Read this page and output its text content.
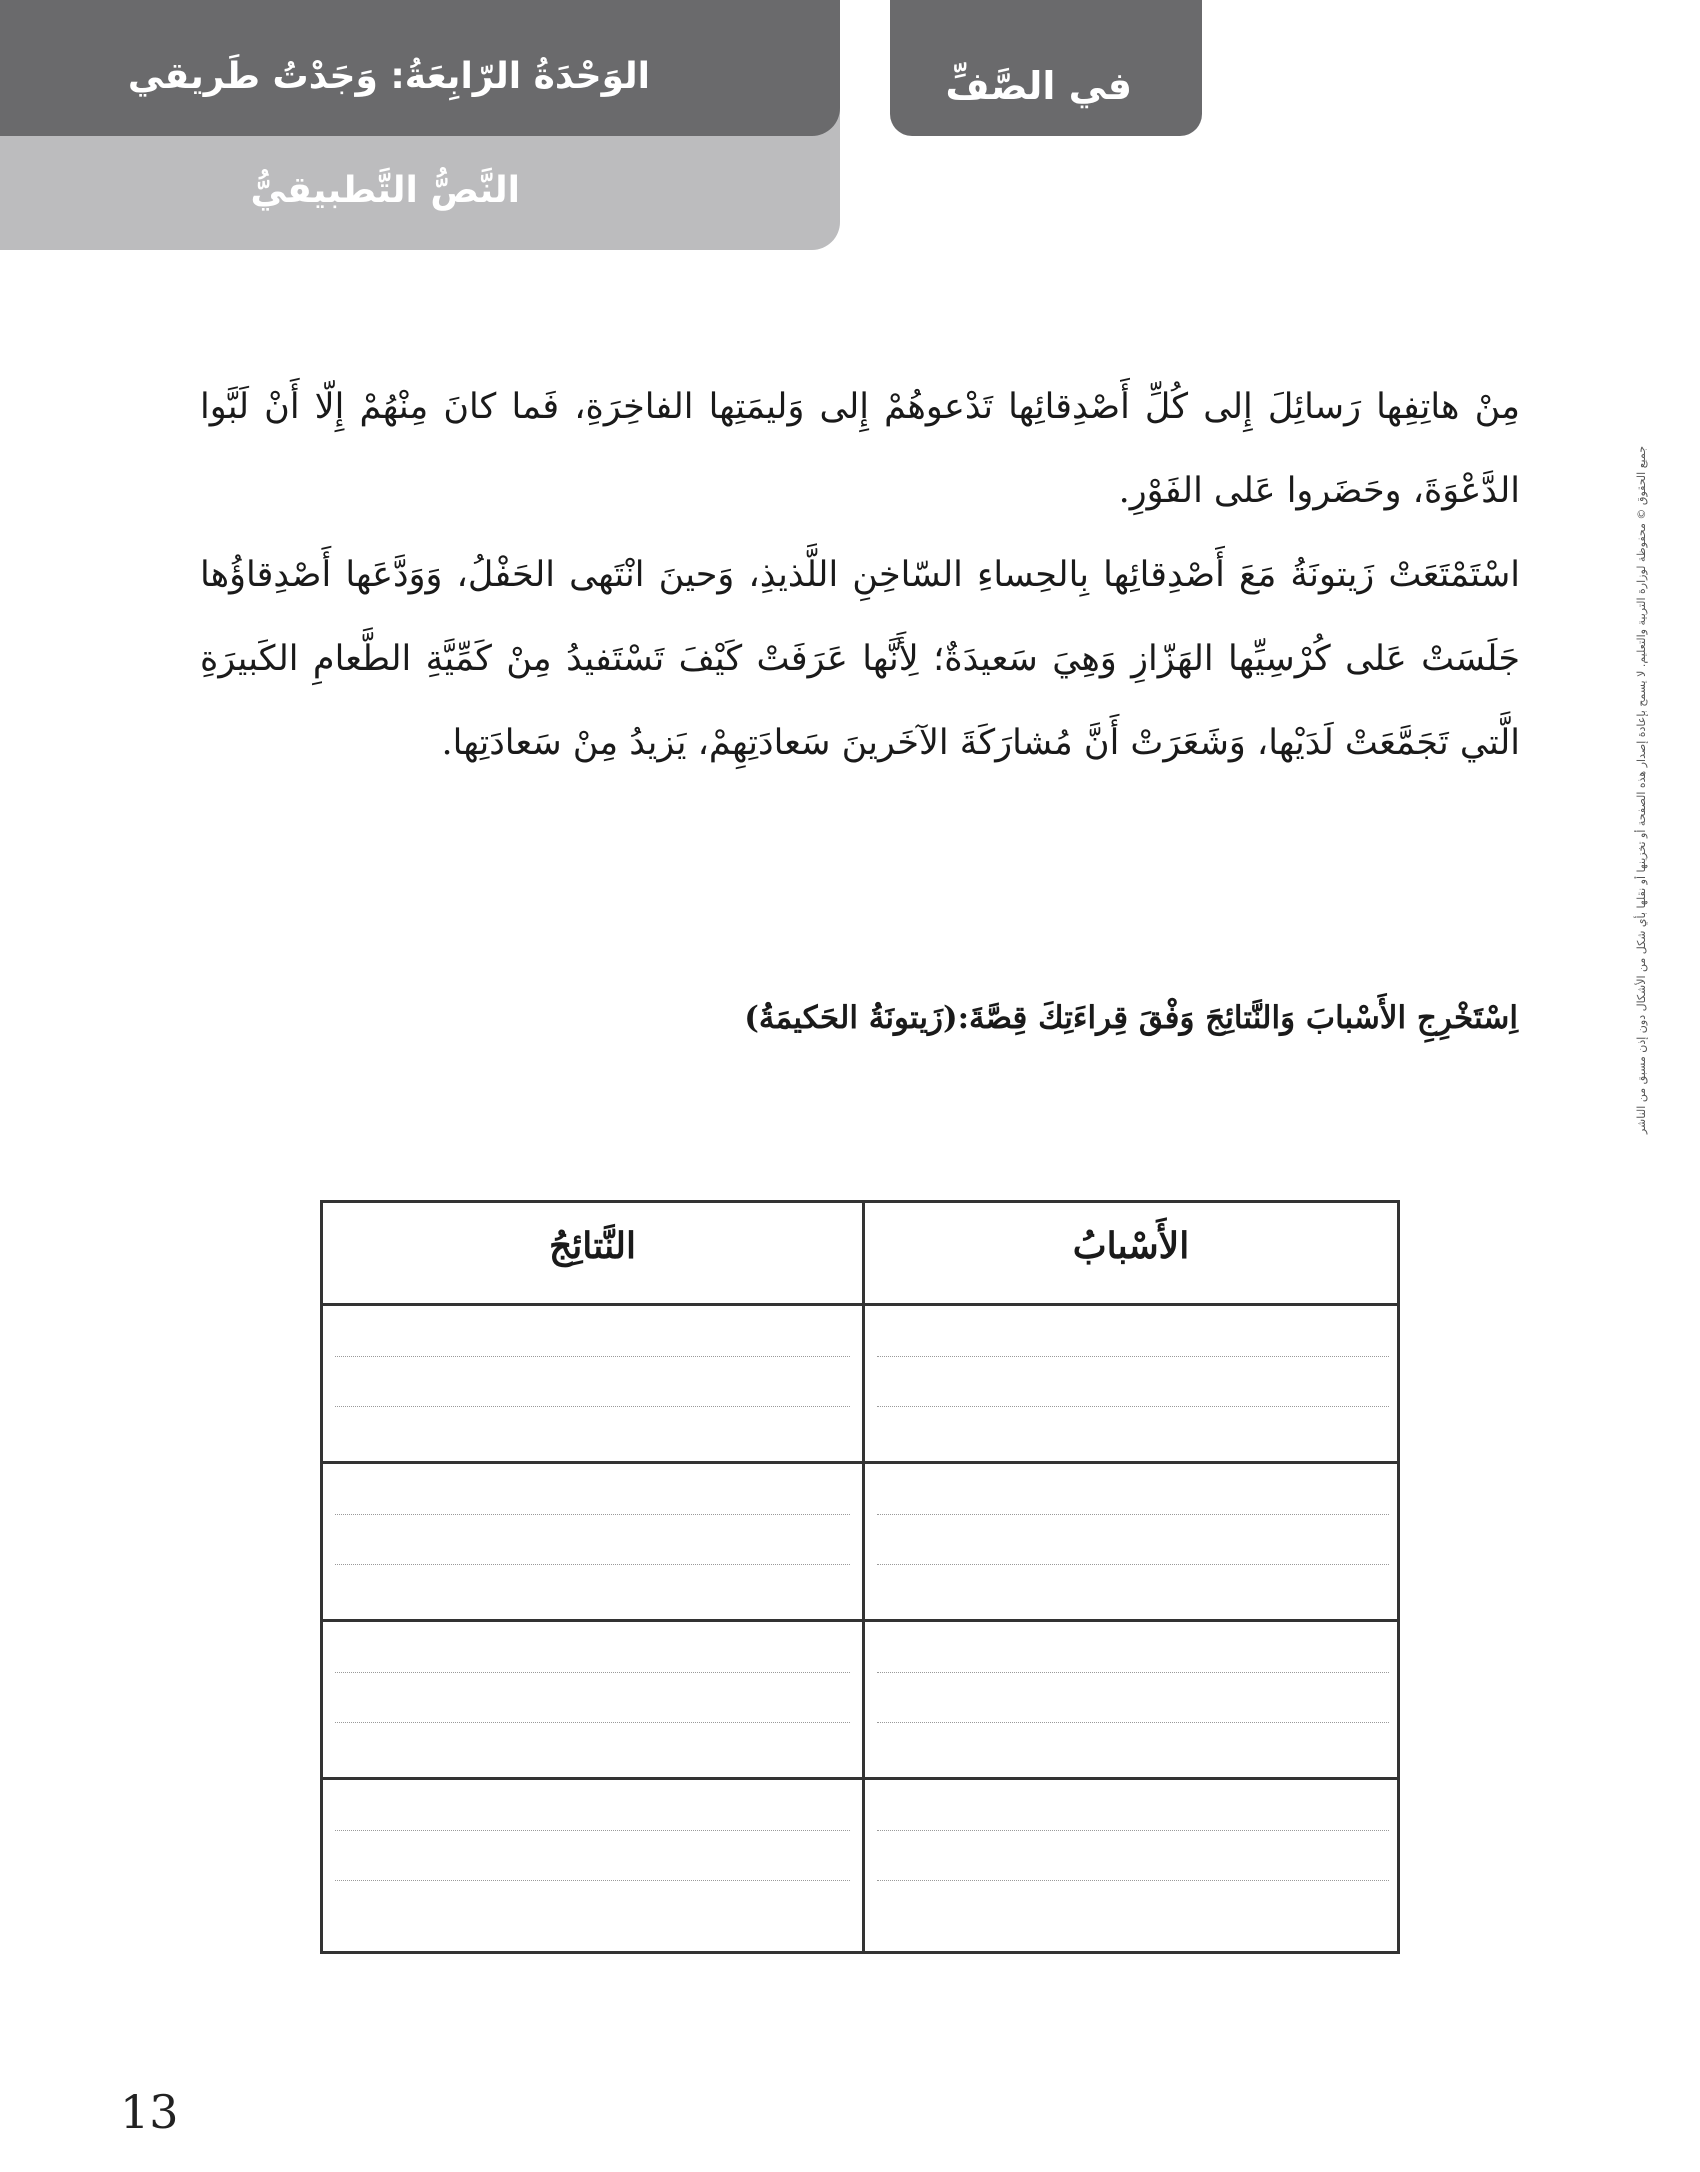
النَّصُّ التَّطبيقيُّ
الوَحْدَةُ الرّابِعَةُ: وَجَدْتُ طَريقي	في الصَّفِّ

مِنْ هاتِفِها رَسائِلَ إِلى كُلِّ أَصْدِقائِها تَدْعوهُمْ إِلى وَليمَتِها الفاخِرَةِ، فَما كانَ مِنْهُمْ إِلّا أَنْ لَبَّوا الدَّعْوَةَ، وحَضَروا عَلى الفَوْرِ.

اسْتَمْتَعَتْ زَيتونَةُ مَعَ أَصْدِقائِها بِالحِساءِ السّاخِنِ اللَّذيذِ، وَحينَ انْتَهى الحَفْلُ، وَوَدَّعَها أَصْدِقاؤُها جَلَسَتْ عَلى كُرْسِيِّها الهَزّازِ وَهِيَ سَعيدَةٌ؛ لِأَنَّها عَرَفَتْ كَيْفَ تَسْتَفيدُ مِنْ كَمِّيَّةِ الطَّعامِ الكَبيرَةِ الَّتي تَجَمَّعَتْ لَدَيْها، وَشَعَرَتْ أَنَّ مُشارَكَةَ الآخَرينَ سَعادَتِهِمْ، يَزيدُ مِنْ سَعادَتِها.

اِسْتَخْرِجِ الأَسْبابَ وَالنَّتائِجَ وَفْقَ قِراءَتِكَ قِصَّةَ:(زَيتونَةُ الحَكيمَةُ)
الأَسْبابُ
النَّتائِجُ
جميع الحقوق © محفوظة لوزارة التربية والتعليم. لا يسمح بإعادة إصدار هذه الصفحة أو تخزينها أو نقلها بأي شكل من الأشكال دون إذن مسبق من الناشر
13
